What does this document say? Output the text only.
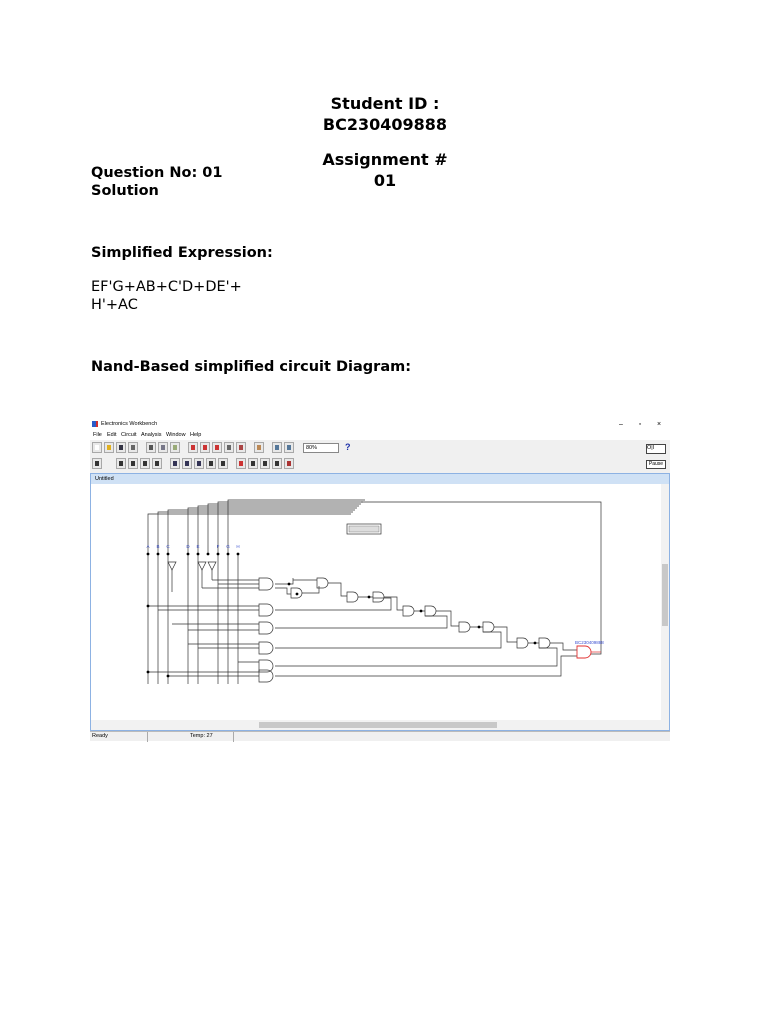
Student ID :
BC230409888
Assignment #
01
Question No: 01
Solution
Simplified Expression:
EF'G+AB+C'D+DE'+
H'+AC
Nand-Based simplified circuit Diagram:
Electronics Workbench	–	▫	×
File Edit Circuit Analysis Window Help
80%	?	O|I
Pause
Untitled
A B C	D E	F G H
BC230409888
Ready	Temp: 27
